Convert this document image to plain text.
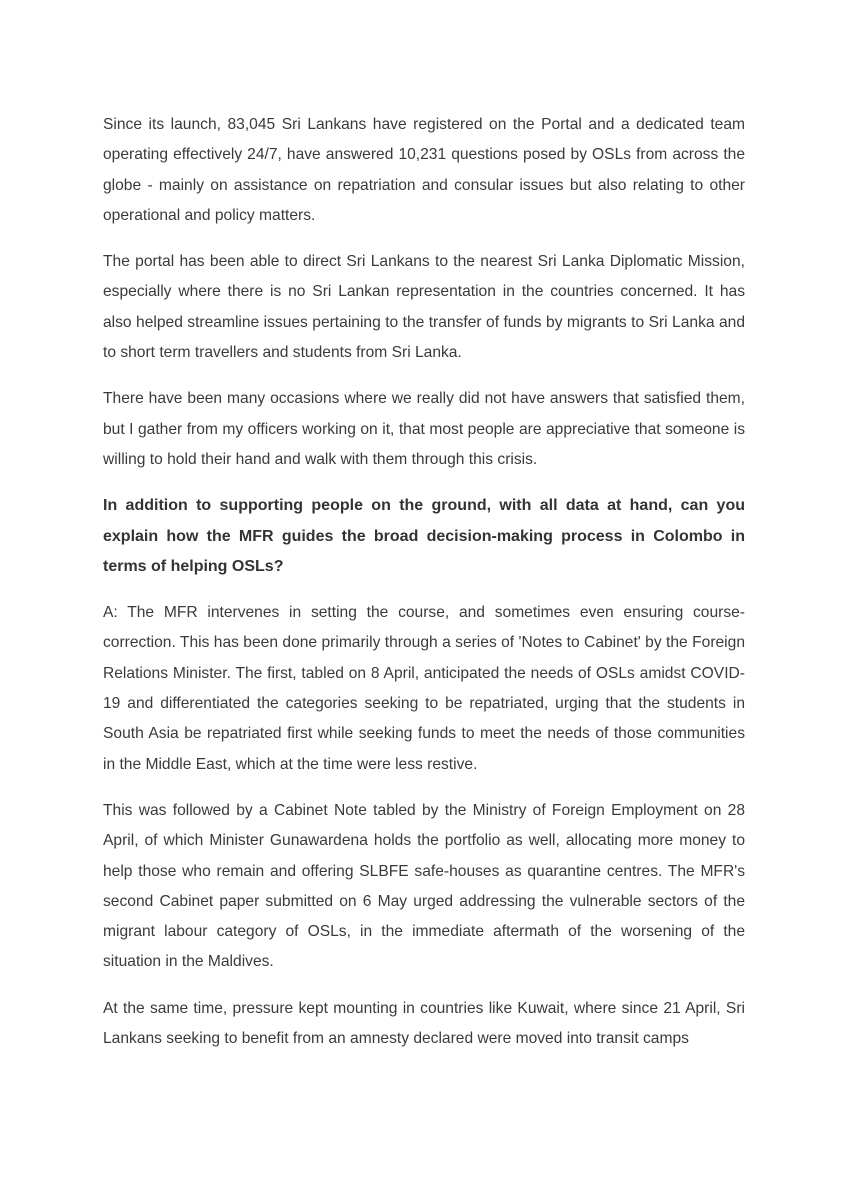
Since its launch, 83,045 Sri Lankans have registered on the Portal and a dedicated team operating effectively 24/7, have answered 10,231 questions posed by OSLs from across the globe - mainly on assistance on repatriation and consular issues but also relating to other operational and policy matters.

The portal has been able to direct Sri Lankans to the nearest Sri Lanka Diplomatic Mission, especially where there is no Sri Lankan representation in the countries concerned. It has also helped streamline issues pertaining to the transfer of funds by migrants to Sri Lanka and to short term travellers and students from Sri Lanka.

There have been many occasions where we really did not have answers that satisfied them, but I gather from my officers working on it, that most people are appreciative that someone is willing to hold their hand and walk with them through this crisis.

In addition to supporting people on the ground, with all data at hand, can you explain how the MFR guides the broad decision-making process in Colombo in terms of helping OSLs?

A: The MFR intervenes in setting the course, and sometimes even ensuring course-correction. This has been done primarily through a series of 'Notes to Cabinet' by the Foreign Relations Minister. The first, tabled on 8 April, anticipated the needs of OSLs amidst COVID-19 and differentiated the categories seeking to be repatriated, urging that the students in South Asia be repatriated first while seeking funds to meet the needs of those communities in the Middle East, which at the time were less restive.

This was followed by a Cabinet Note tabled by the Ministry of Foreign Employment on 28 April, of which Minister Gunawardena holds the portfolio as well, allocating more money to help those who remain and offering SLBFE safe-houses as quarantine centres. The MFR's second Cabinet paper submitted on 6 May urged addressing the vulnerable sectors of the migrant labour category of OSLs, in the immediate aftermath of the worsening of the situation in the Maldives.

At the same time, pressure kept mounting in countries like Kuwait, where since 21 April, Sri Lankans seeking to benefit from an amnesty declared were moved into transit camps
